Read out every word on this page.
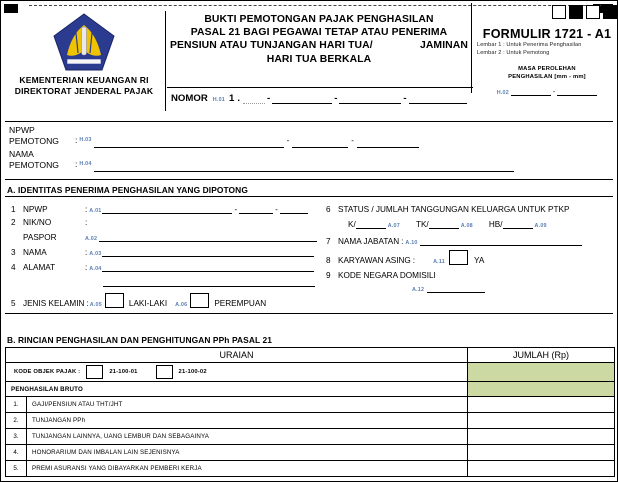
KEMENTERIAN KEUANGAN RI
DIREKTORAT JENDERAL PAJAK
BUKTI PEMOTONGAN PAJAK PENGHASILAN
PASAL 21 BAGI PEGAWAI TETAP ATAU PENERIMA
PENSIUN ATAU TUNJANGAN HARI TUA/	JAMINAN
HARI TUA BERKALA
NOMOR H.01 1 .	-	-	-
FORMULIR 1721 - A1
Lembar 1 : Untuk Penerima Penghasilan
Lembar 2 : Untuk Pemotong
MASA PEROLEHAN
PENGHASILAN [mm - mm]
H.02	-
NPWP
PEMOTONG	: H.03	-	-
NAMA
PEMOTONG	: H.04
A. IDENTITAS PENERIMA PENGHASILAN YANG DIPOTONG
1 NPWP	: A.01	-	-
2 NIK/NO	:
PASPOR	A.02
3 NAMA	: A.03
4 ALAMAT	: A.04
5 JENIS KELAMIN : A.05	LAKI-LAKI A.06	PEREMPUAN
6 STATUS / JUMLAH TANGGUNGAN KELUARGA UNTUK PTKP
K/	A.07 TK/	A.08 HB/	A.09
7 NAMA JABATAN : A.10
8 KARYAWAN ASING :	A.11	YA
9 KODE NEGARA DOMISILI
A.12
B. RINCIAN PENGHASILAN DAN PENGHITUNGAN PPh PASAL 21
URAIAN		JUMLAH (Rp)

KODE OBJEK PAJAK : 21-100-01 21-100-02		

PENGHASILAN BRUTO		
1.	GAJI/PENSIUN ATAU THT/JHT	
2.	TUNJANGAN PPh	
3.	TUNJANGAN LAINNYA, UANG LEMBUR DAN SEBAGAINYA	
4.	HONORARIUM DAN IMBALAN LAIN SEJENISNYA	
5.	PREMI ASURANSI YANG DIBAYARKAN PEMBERI KERJA	
